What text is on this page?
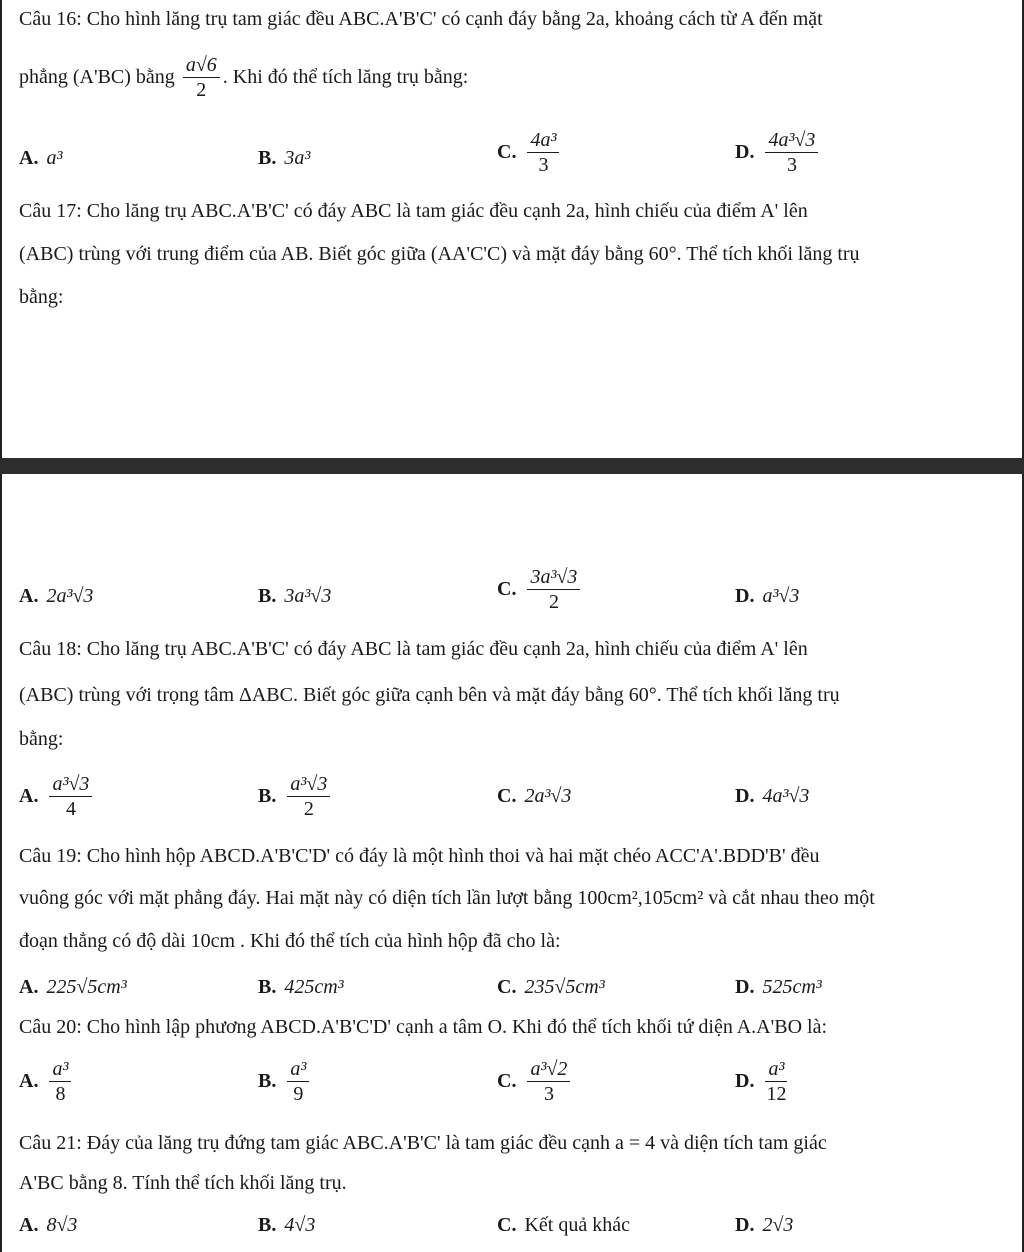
Câu 16: Cho hình lăng trụ tam giác đều ABC.A'B'C' có cạnh đáy bằng 2a, khoảng cách từ A đến mặt
phẳng (A'BC) bằng $\frac{a√6}{2}$ . Khi đó thể tích lăng trụ bằng:
A. a³	B. 3a³	C. $\frac{\text{4a³}}{3}$	D. $\frac{\text{4a³√3}}{3}$
Câu 17: Cho lăng trụ ABC.A'B'C' có đáy ABC là tam giác đều cạnh 2a, hình chiếu của điểm A' lên
(ABC) trùng với trung điểm của AB. Biết góc giữa (AA'C'C) và mặt đáy bằng 60°. Thể tích khối lăng trụ
bằng:
A. 2a³√3	B. 3a³√3	C. $\frac{\text{3a³√3}}{2}$	D. a³√3
Câu 18: Cho lăng trụ ABC.A'B'C' có đáy ABC là tam giác đều cạnh 2a, hình chiếu của điểm A' lên
(ABC) trùng với trọng tâm ΔABC. Biết góc giữa cạnh bên và mặt đáy bằng 60°. Thể tích khối lăng trụ
bằng:
A. $\frac{\text{a³√3}}{4}$	B. $\frac{\text{a³√3}}{2}$	C. 2a³√3	D. 4a³√3
Câu 19: Cho hình hộp ABCD.A'B'C'D' có đáy là một hình thoi và hai mặt chéo ACC'A'.BDD'B' đều
vuông góc với mặt phẳng đáy. Hai mặt này có diện tích lần lượt bằng 100cm²,105cm² và cắt nhau theo một
đoạn thẳng có độ dài 10cm . Khi đó thể tích của hình hộp đã cho là:
A. 225√5cm³	B. 425cm³	C. 235√5cm³	D. 525cm³
Câu 20: Cho hình lập phương ABCD.A'B'C'D' cạnh a tâm O. Khi đó thể tích khối tứ diện A.A'BO là:
A. $\frac{\text{a³}}{8}$	B. $\frac{\text{a³}}{9}$	C. $\frac{\text{a³√2}}{3}$	D. $\frac{\text{a³}}{12}$
Câu 21: Đáy của lăng trụ đứng tam giác ABC.A'B'C' là tam giác đều cạnh a = 4 và diện tích tam giác
A'BC bằng 8. Tính thể tích khối lăng trụ.
A. 8√3	B. 4√3	C. Kết quả khác	D. 2√3
